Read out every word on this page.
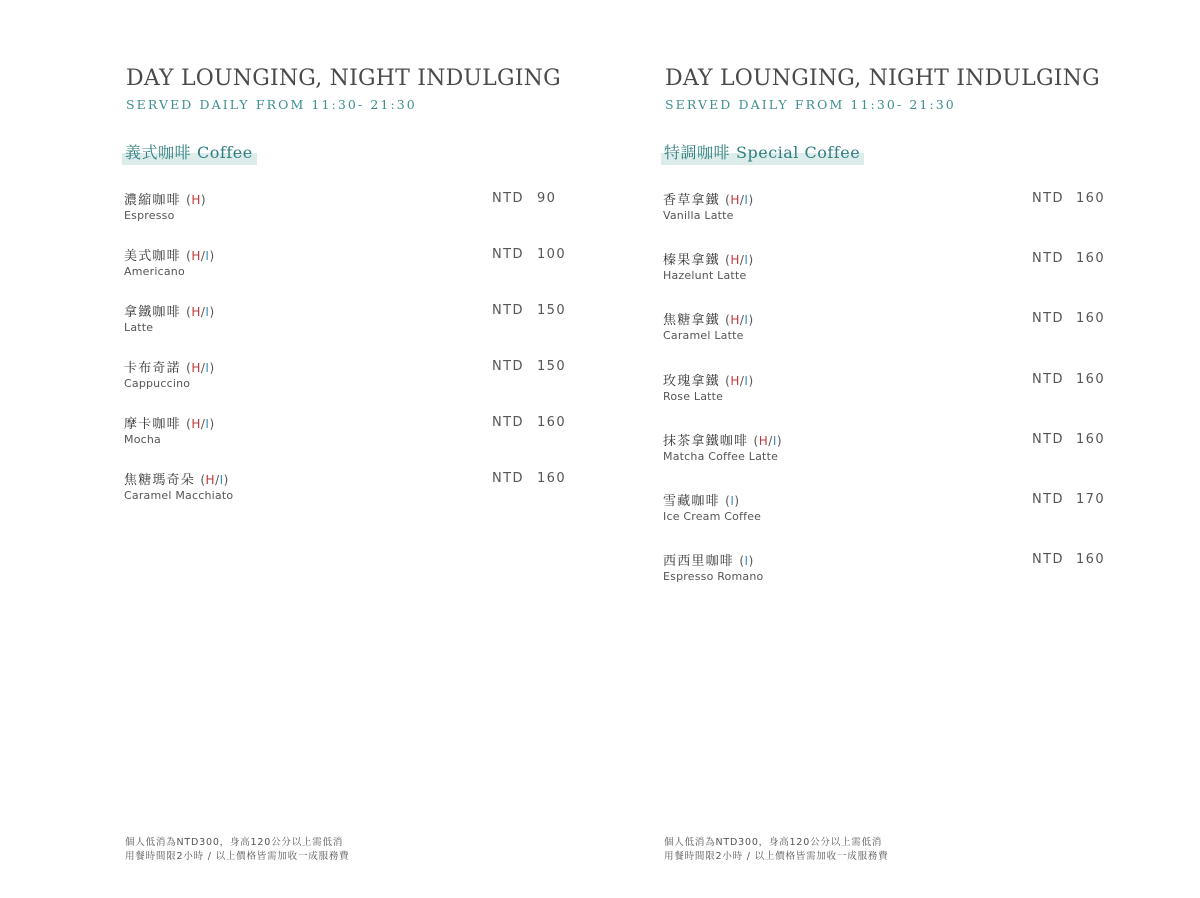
DAY LOUNGING, NIGHT INDULGING
SERVED DAILY FROM 11:30- 21:30
義式咖啡 Coffee
濃縮咖啡 (H)
Espresso
NTD 90
美式咖啡 (H/I)
Americano
NTD 100
拿鐵咖啡 (H/I)
Latte
NTD 150
卡布奇諾 (H/I)
Cappuccino
NTD 150
摩卡咖啡 (H/I)
Mocha
NTD 160
焦糖瑪奇朵 (H/I)
Caramel Macchiato
NTD 160
個人低消為NTD300，身高120公分以上需低消
用餐時間限2小時 / 以上價格皆需加收一成服務費
DAY LOUNGING, NIGHT INDULGING
SERVED DAILY FROM 11:30- 21:30
特調咖啡 Special Coffee
香草拿鐵 (H/I)
Vanilla Latte
NTD 160
榛果拿鐵 (H/I)
Hazelunt Latte
NTD 160
焦糖拿鐵 (H/I)
Caramel Latte
NTD 160
玫瑰拿鐵 (H/I)
Rose Latte
NTD 160
抹茶拿鐵咖啡 (H/I)
Matcha Coffee Latte
NTD 160
雪藏咖啡 (I)
Ice Cream Coffee
NTD 170
西西里咖啡 (I)
Espresso Romano
NTD 160
個人低消為NTD300，身高120公分以上需低消
用餐時間限2小時 / 以上價格皆需加收一成服務費
